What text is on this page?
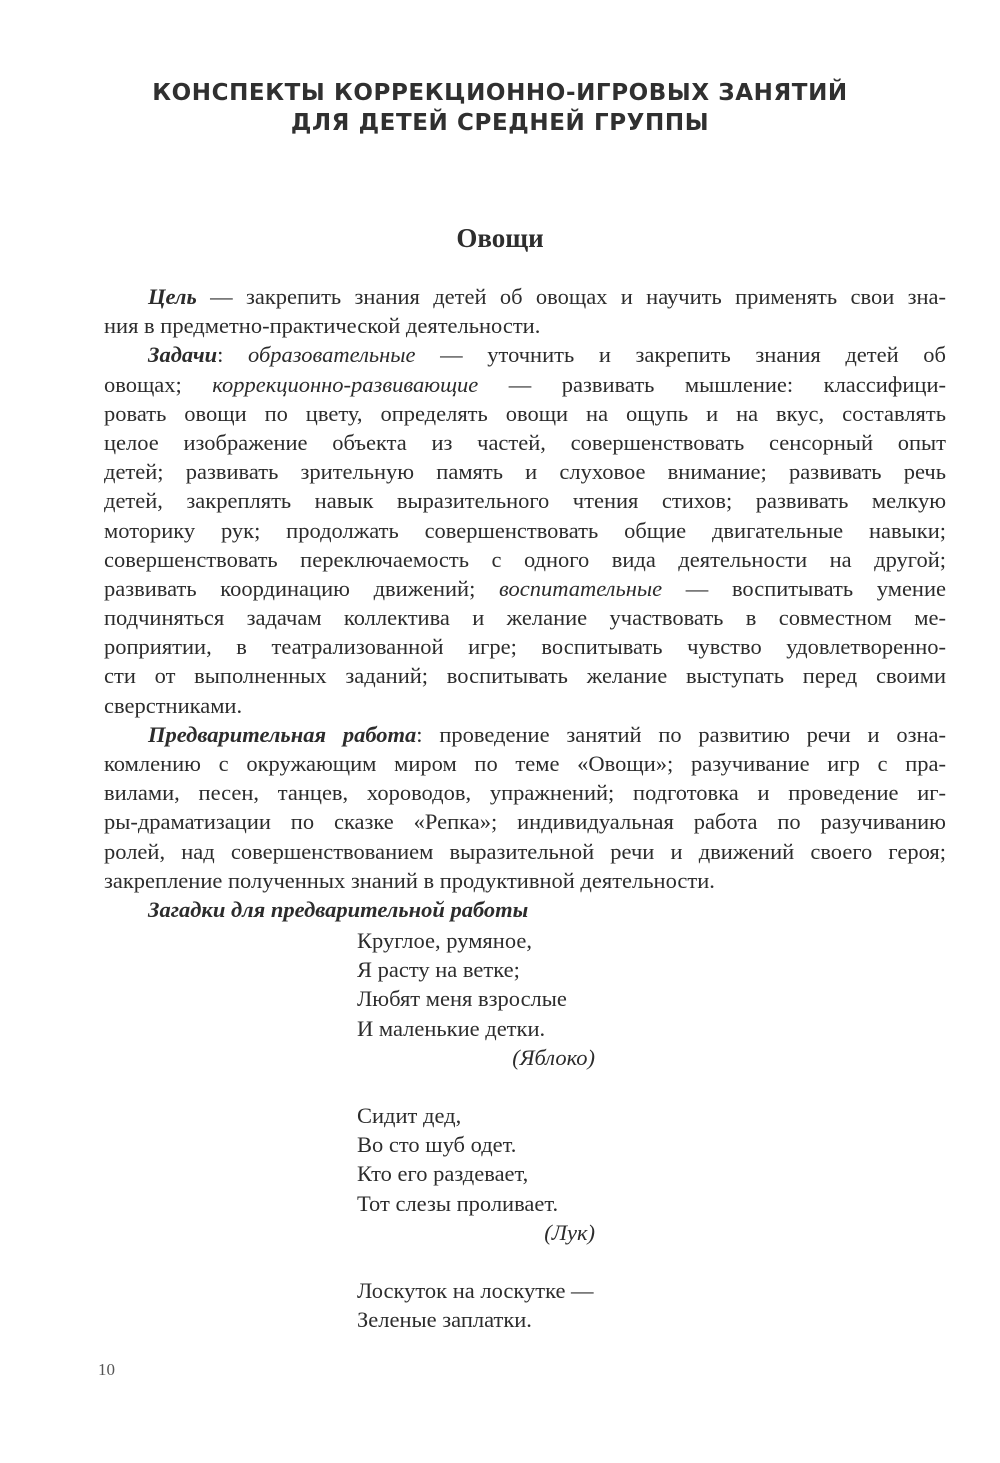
КОНСПЕКТЫ КОРРЕКЦИОННО-ИГРОВЫХ ЗАНЯТИЙ
ДЛЯ ДЕТЕЙ СРЕДНЕЙ ГРУППЫ
Овощи
Цель — закрепить знания детей об овощах и научить применять свои зна-
ния в предметно-практической деятельности.
Задачи: образовательные — уточнить и закрепить знания детей об
овощах; коррекционно-развивающие — развивать мышление: классифици-
ровать овощи по цвету, определять овощи на ощупь и на вкус, составлять
целое изображение объекта из частей, совершенствовать сенсорный опыт
детей; развивать зрительную память и слуховое внимание; развивать речь
детей, закреплять навык выразительного чтения стихов; развивать мелкую
моторику рук; продолжать совершенствовать общие двигательные навыки;
совершенствовать переключаемость с одного вида деятельности на другой;
развивать координацию движений; воспитательные — воспитывать умение
подчиняться задачам коллектива и желание участвовать в совместном ме-
роприятии, в театрализованной игре; воспитывать чувство удовлетворенно-
сти от выполненных заданий; воспитывать желание выступать перед своими
сверстниками.
Предварительная работа: проведение занятий по развитию речи и озна-
комлению с окружающим миром по теме «Овощи»; разучивание игр с пра-
вилами, песен, танцев, хороводов, упражнений; подготовка и проведение иг-
ры-драматизации по сказке «Репка»; индивидуальная работа по разучиванию
ролей, над совершенствованием выразительной речи и движений своего героя;
закрепление полученных знаний в продуктивной деятельности.
Загадки для предварительной работы
Круглое, румяное,
Я расту на ветке;
Любят меня взрослые
И маленькие детки.
(Яблоко)
Сидит дед,
Во сто шуб одет.
Кто его раздевает,
Тот слезы проливает.
(Лук)
Лоскуток на лоскутке —
Зеленые заплатки.
10
